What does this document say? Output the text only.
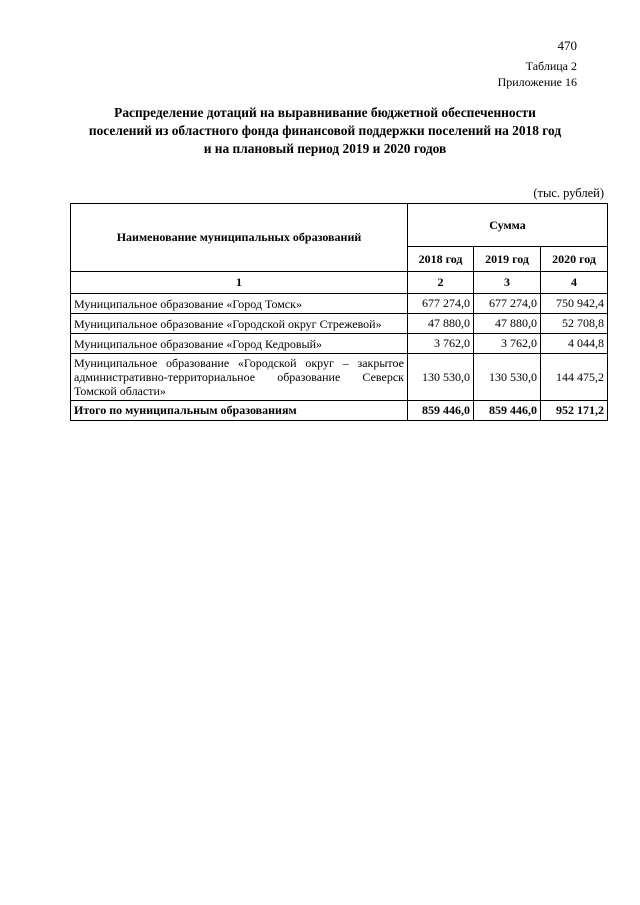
470
Таблица 2
Приложение 16
Распределение дотаций на выравнивание бюджетной обеспеченности
поселений из областного фонда финансовой поддержки поселений на 2018 год
и на плановый период 2019 и 2020 годов
(тыс. рублей)
Наименование муниципальных образований	Сумма		
	2018 год	2019 год	2020 год
1	2	3	4
Муниципальное образование «Город Томск»	677 274,0	677 274,0	750 942,4
Муниципальное образование «Городской округ Стрежевой»	47 880,0	47 880,0	52 708,8
Муниципальное образование «Город Кедровый»	3 762,0	3 762,0	4 044,8
Муниципальное образование «Городской округ – закрытое административно-территориальное образование Северск Томской области»	130 530,0	130 530,0	144 475,2
Итого по муниципальным образованиям	859 446,0	859 446,0	952 171,2
